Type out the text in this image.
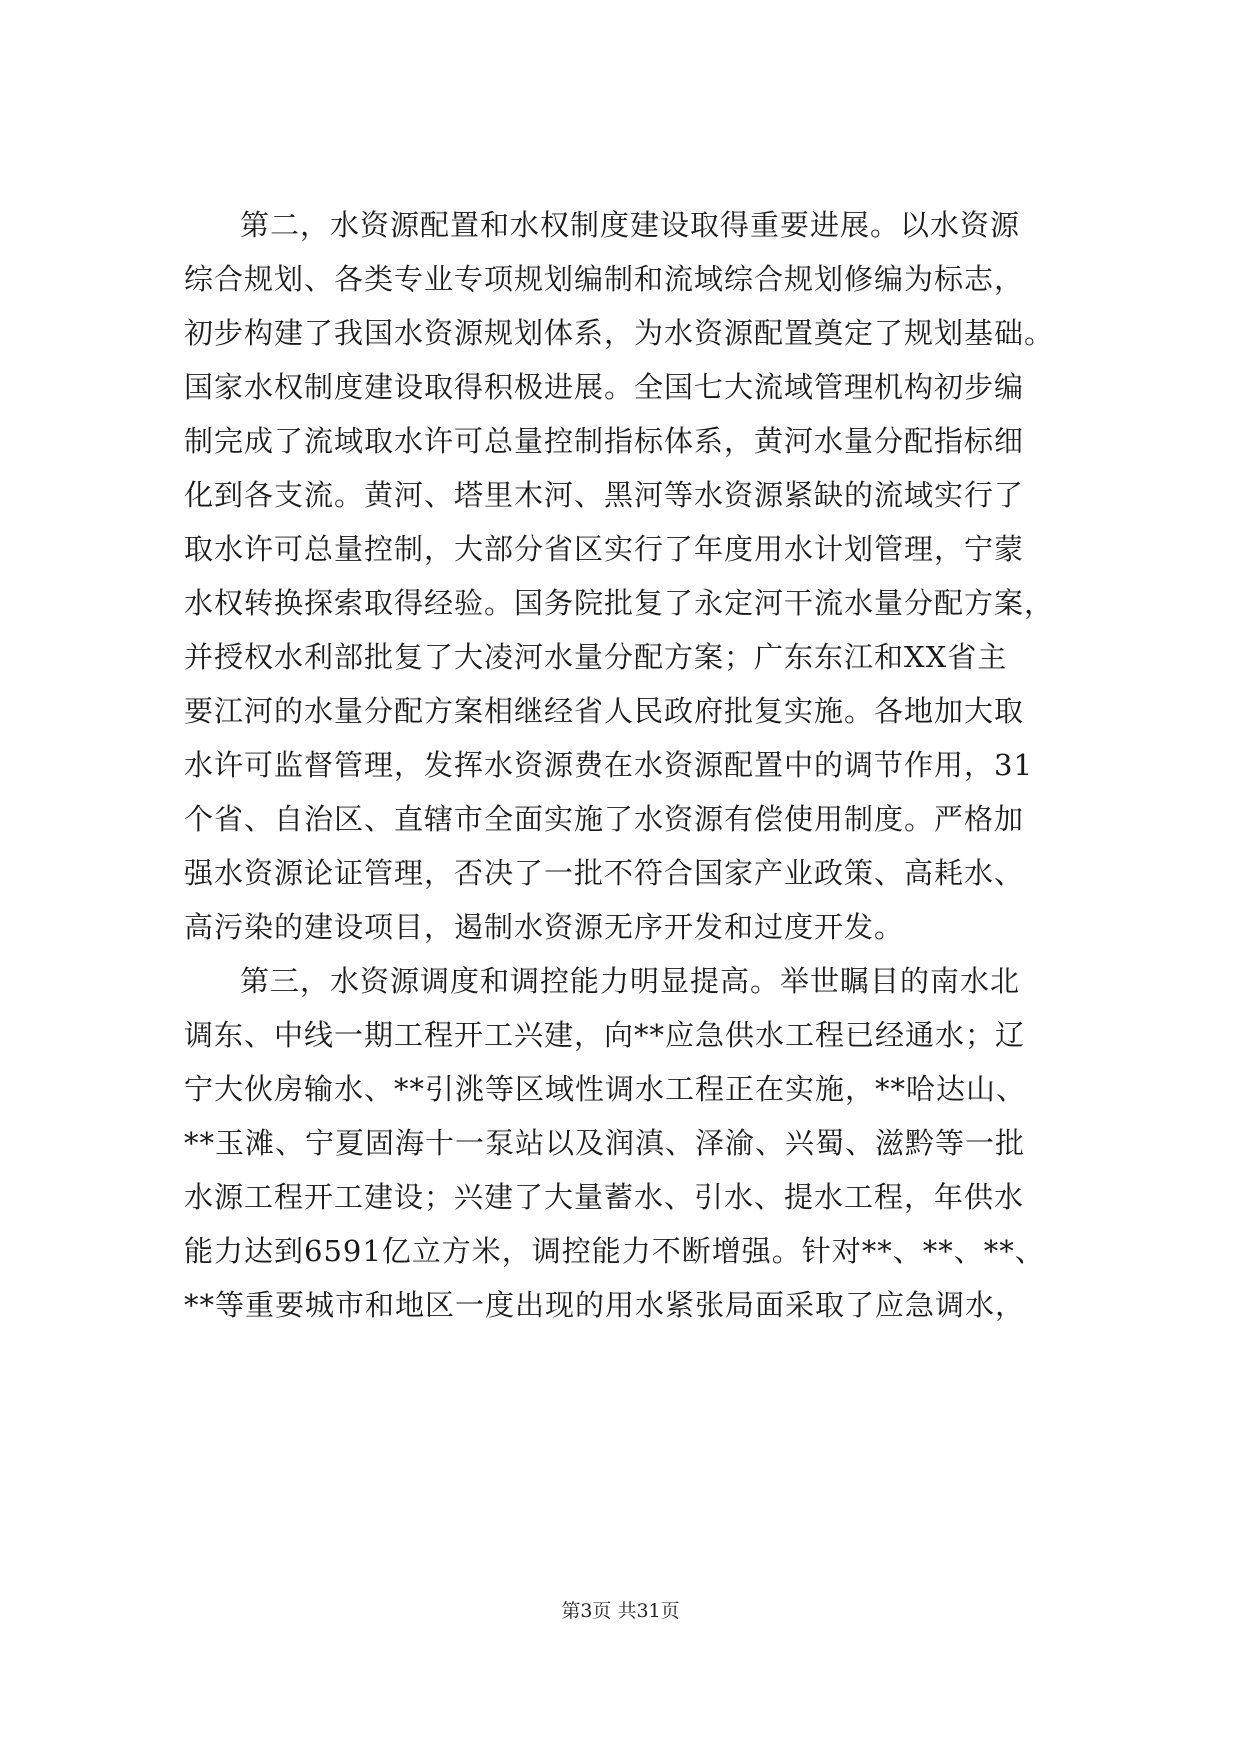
第二，水资源配置和水权制度建设取得重要进展。以水资源
综合规划、各类专业专项规划编制和流域综合规划修编为标志，
初步构建了我国水资源规划体系，为水资源配置奠定了规划基础。
国家水权制度建设取得积极进展。全国七大流域管理机构初步编
制完成了流域取水许可总量控制指标体系，黄河水量分配指标细
化到各支流。黄河、塔里木河、黑河等水资源紧缺的流域实行了
取水许可总量控制，大部分省区实行了年度用水计划管理，宁蒙
水权转换探索取得经验。国务院批复了永定河干流水量分配方案，
并授权水利部批复了大凌河水量分配方案；广东东江和XX省主
要江河的水量分配方案相继经省人民政府批复实施。各地加大取
水许可监督管理，发挥水资源费在水资源配置中的调节作用，31
个省、自治区、直辖市全面实施了水资源有偿使用制度。严格加
强水资源论证管理，否决了一批不符合国家产业政策、高耗水、
高污染的建设项目，遏制水资源无序开发和过度开发。
第三，水资源调度和调控能力明显提高。举世瞩目的南水北
调东、中线一期工程开工兴建，向**应急供水工程已经通水；辽
宁大伙房输水、**引洮等区域性调水工程正在实施，**哈达山、
**玉滩、宁夏固海十一泵站以及润滇、泽渝、兴蜀、滋黔等一批
水源工程开工建设；兴建了大量蓄水、引水、提水工程，年供水
能力达到6591亿立方米，调控能力不断增强。针对**、**、**、
**等重要城市和地区一度出现的用水紧张局面采取了应急调水，
第3页 共31页
